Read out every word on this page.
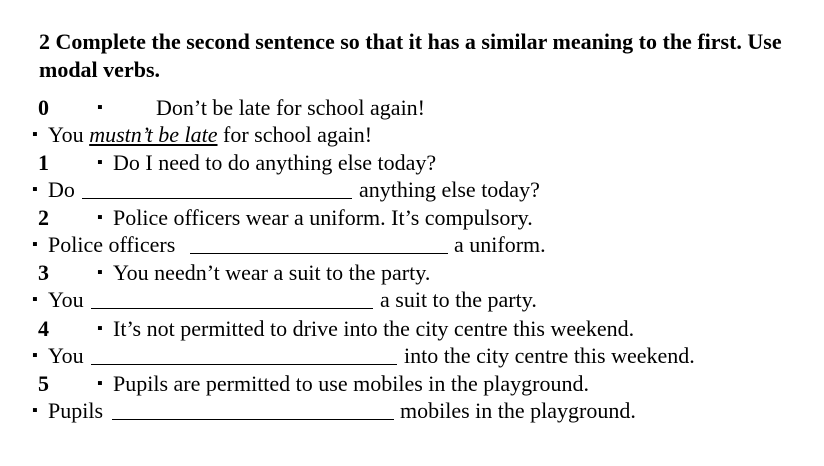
2 Complete the second sentence so that it has a similar meaning to the first. Use modal verbs.
0	▪ Don’t be late for school again!
▪ You mustn’t be late for school again!
1	▪ Do I need to do anything else today?
▪ Do	anything else today?
2	▪ Police officers wear a uniform. It’s compulsory.
▪ Police officers	a uniform.
3	▪ You needn’t wear a suit to the party.
▪ You	a suit to the party.
4	▪ It’s not permitted to drive into the city centre this weekend.
▪ You	into the city centre this weekend.
5	▪ Pupils are permitted to use mobiles in the playground.
▪ Pupils	mobiles in the playground.
